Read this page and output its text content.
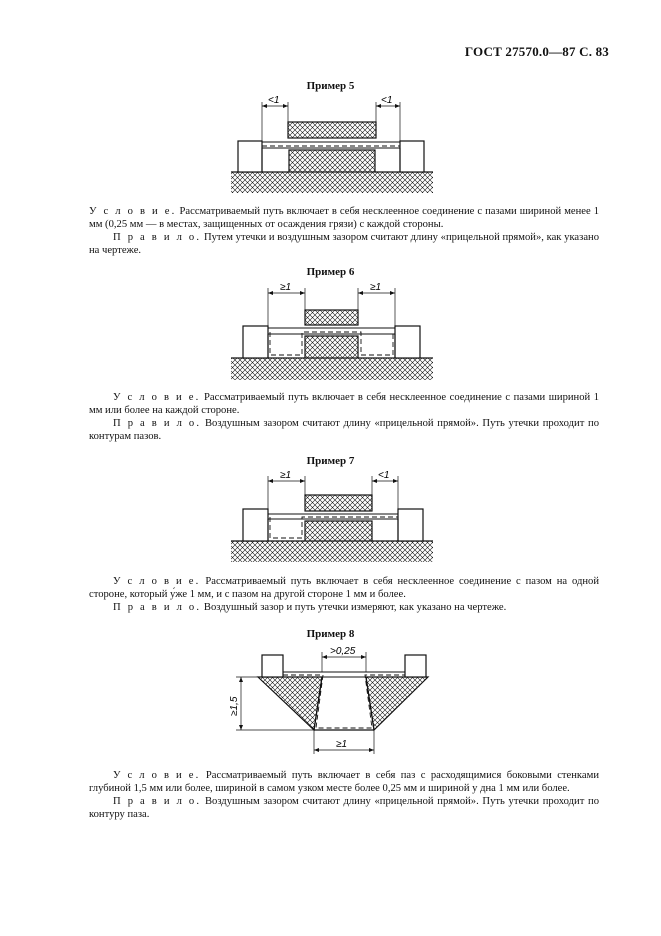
ГОСТ 27570.0—87 С. 83
Пример 5
<1	<1

У с л о в и е. Рассматриваемый путь включает в себя несклеенное соединение с пазами шириной менее 1 мм (0,25 мм — в местах, защищенных от осаждения грязи) с каждой стороны.

П р а в и л о. Путем утечки и воздушным зазором считают длину «прицельной прямой», как указано на чертеже.

Пример 6
≥1	≥1

У с л о в и е. Рассматриваемый путь включает в себя несклеенное соединение с пазами шириной 1 мм или более на каждой стороне.

П р а в и л о. Воздушным зазором считают длину «прицельной прямой». Путь утечки проходит по контурам пазов.

Пример 7
≥1	<1

У с л о в и е. Рассматриваемый путь включает в себя несклеенное соединение с пазом на одной стороне, который у́же 1 мм, и с пазом на другой стороне 1 мм и более.

П р а в и л о. Воздушный зазор и путь утечки измеряют, как указано на чертеже.

Пример 8
>0,25
≥1,5
≥1

У с л о в и е. Рассматриваемый путь включает в себя паз с расходящимися боковыми стенками глубиной 1,5 мм или более, шириной в самом узком месте более 0,25 мм и шириной у дна 1 мм или более.

П р а в и л о. Воздушным зазором считают длину «прицельной прямой». Путь утечки проходит по контуру паза.
